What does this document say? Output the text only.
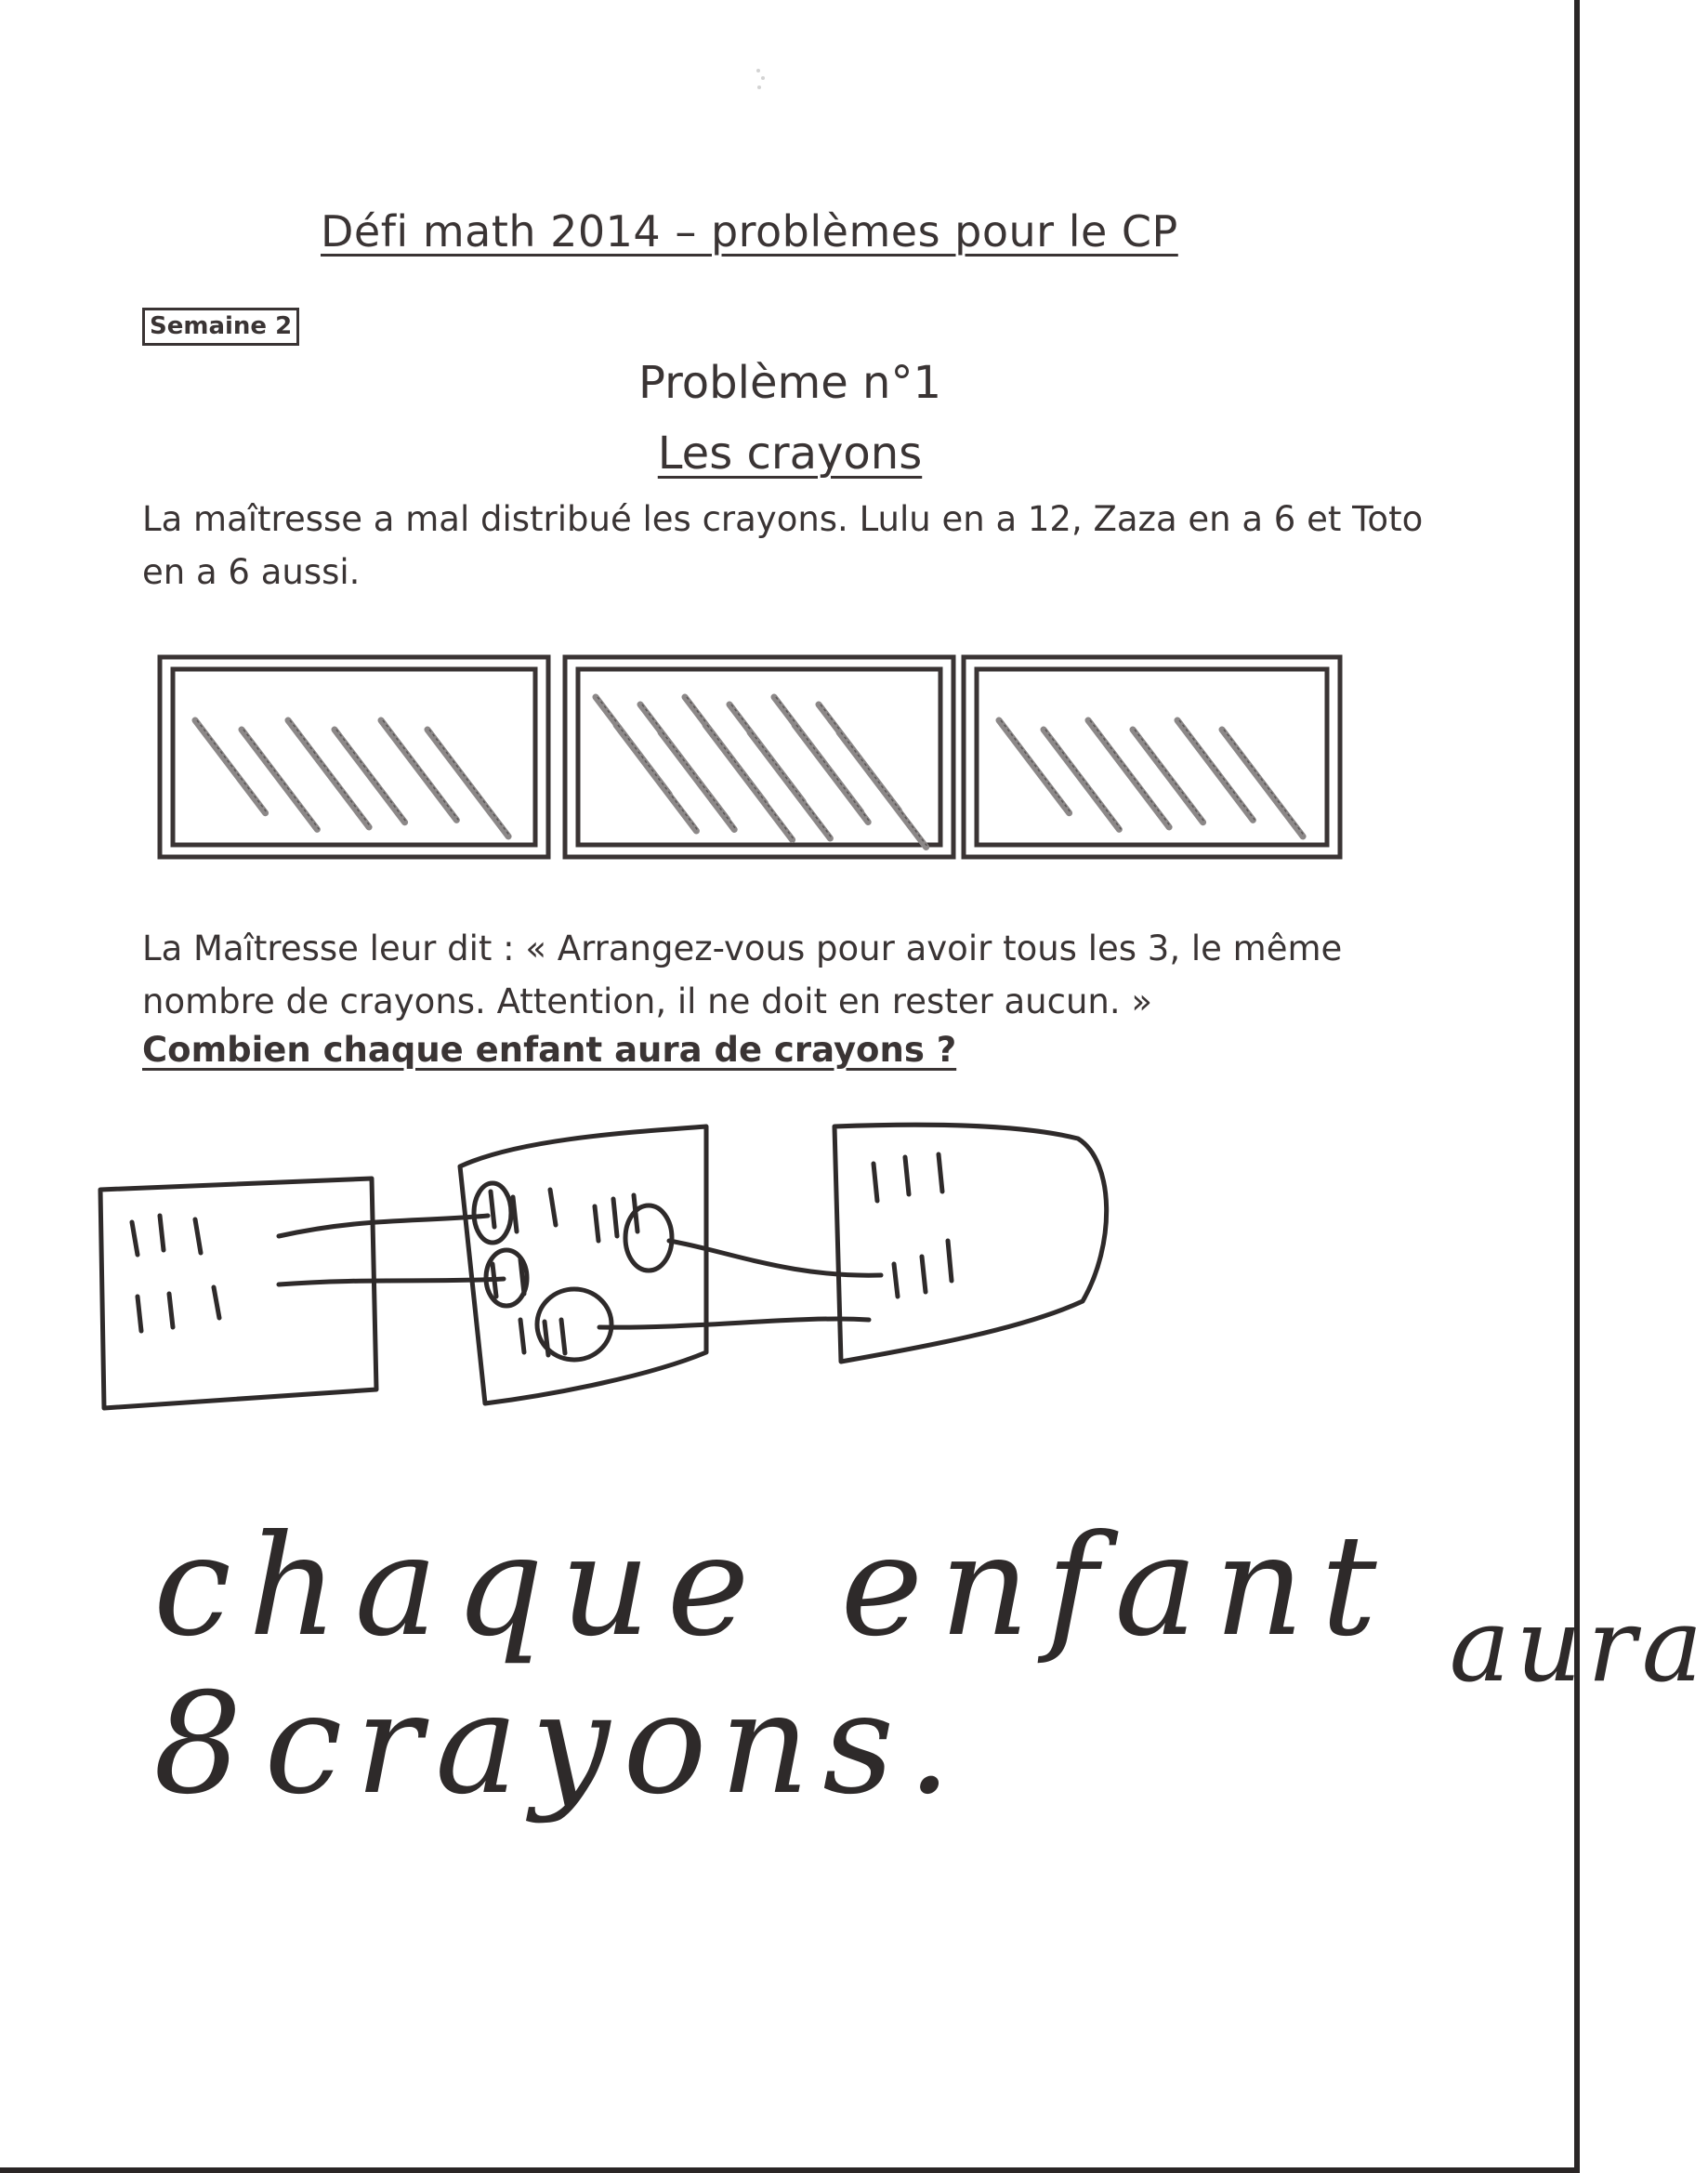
Défi math 2014 – problèmes pour le CP
Semaine 2
Problème n°1
Les crayons
La maîtresse a mal distribué les crayons. Lulu en a 12, Zaza en a 6 et Toto en a 6 aussi.
La Maîtresse leur dit : « Arrangez-vous pour avoir tous les 3, le même nombre de crayons. Attention, il ne doit en rester aucun. »
Combien chaque enfant aura de crayons ?
chaque enfant $_{aura}$
8crayons.
